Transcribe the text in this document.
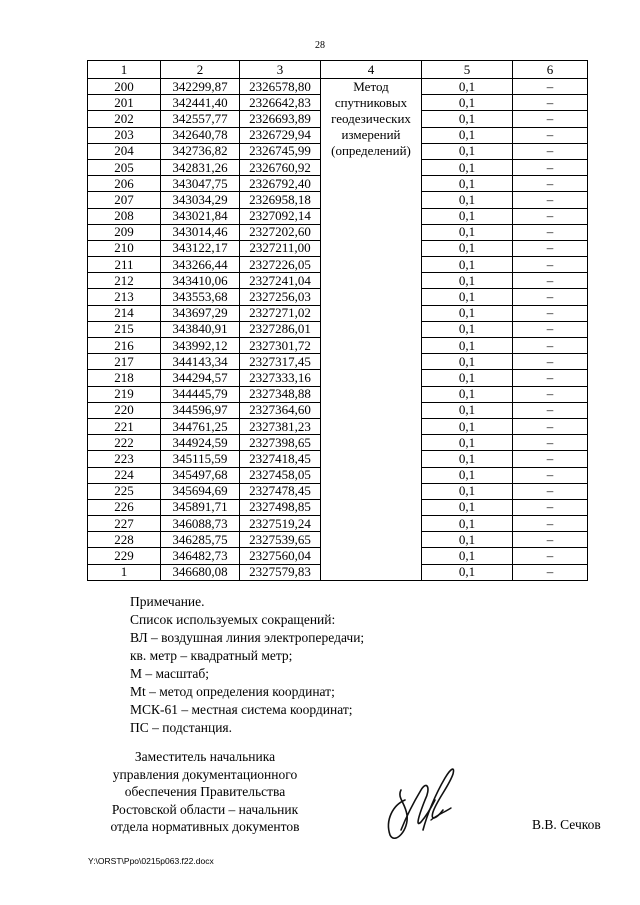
28
1	2	3	4	5	6
200	342299,87	2326578,80	Метод спутниковых геодезических измерений (определений)	0,1	–
201	342441,40	2326642,83		0,1	–
202	342557,77	2326693,89		0,1	–
203	342640,78	2326729,94		0,1	–
204	342736,82	2326745,99		0,1	–
205	342831,26	2326760,92		0,1	–
206	343047,75	2326792,40		0,1	–
207	343034,29	2326958,18		0,1	–
208	343021,84	2327092,14		0,1	–
209	343014,46	2327202,60		0,1	–
210	343122,17	2327211,00		0,1	–
211	343266,44	2327226,05		0,1	–
212	343410,06	2327241,04		0,1	–
213	343553,68	2327256,03		0,1	–
214	343697,29	2327271,02		0,1	–
215	343840,91	2327286,01		0,1	–
216	343992,12	2327301,72		0,1	–
217	344143,34	2327317,45		0,1	–
218	344294,57	2327333,16		0,1	–
219	344445,79	2327348,88		0,1	–
220	344596,97	2327364,60		0,1	–
221	344761,25	2327381,23		0,1	–
222	344924,59	2327398,65		0,1	–
223	345115,59	2327418,45		0,1	–
224	345497,68	2327458,05		0,1	–
225	345694,69	2327478,45		0,1	–
226	345891,71	2327498,85		0,1	–
227	346088,73	2327519,24		0,1	–
228	346285,75	2327539,65		0,1	–
229	346482,73	2327560,04		0,1	–
1	346680,08	2327579,83		0,1	–
Примечание.
Список используемых сокращений:
ВЛ – воздушная линия электропередачи;
кв. метр – квадратный метр;
М – масштаб;
Mt – метод определения координат;
МСК-61 – местная система координат;
ПС – подстанция.
Заместитель начальника
управления документационного
обеспечения Правительства
Ростовской области – начальник
отдела нормативных документов	В.В. Сечков
Y:\ORST\Ppo\0215p063.f22.docx
